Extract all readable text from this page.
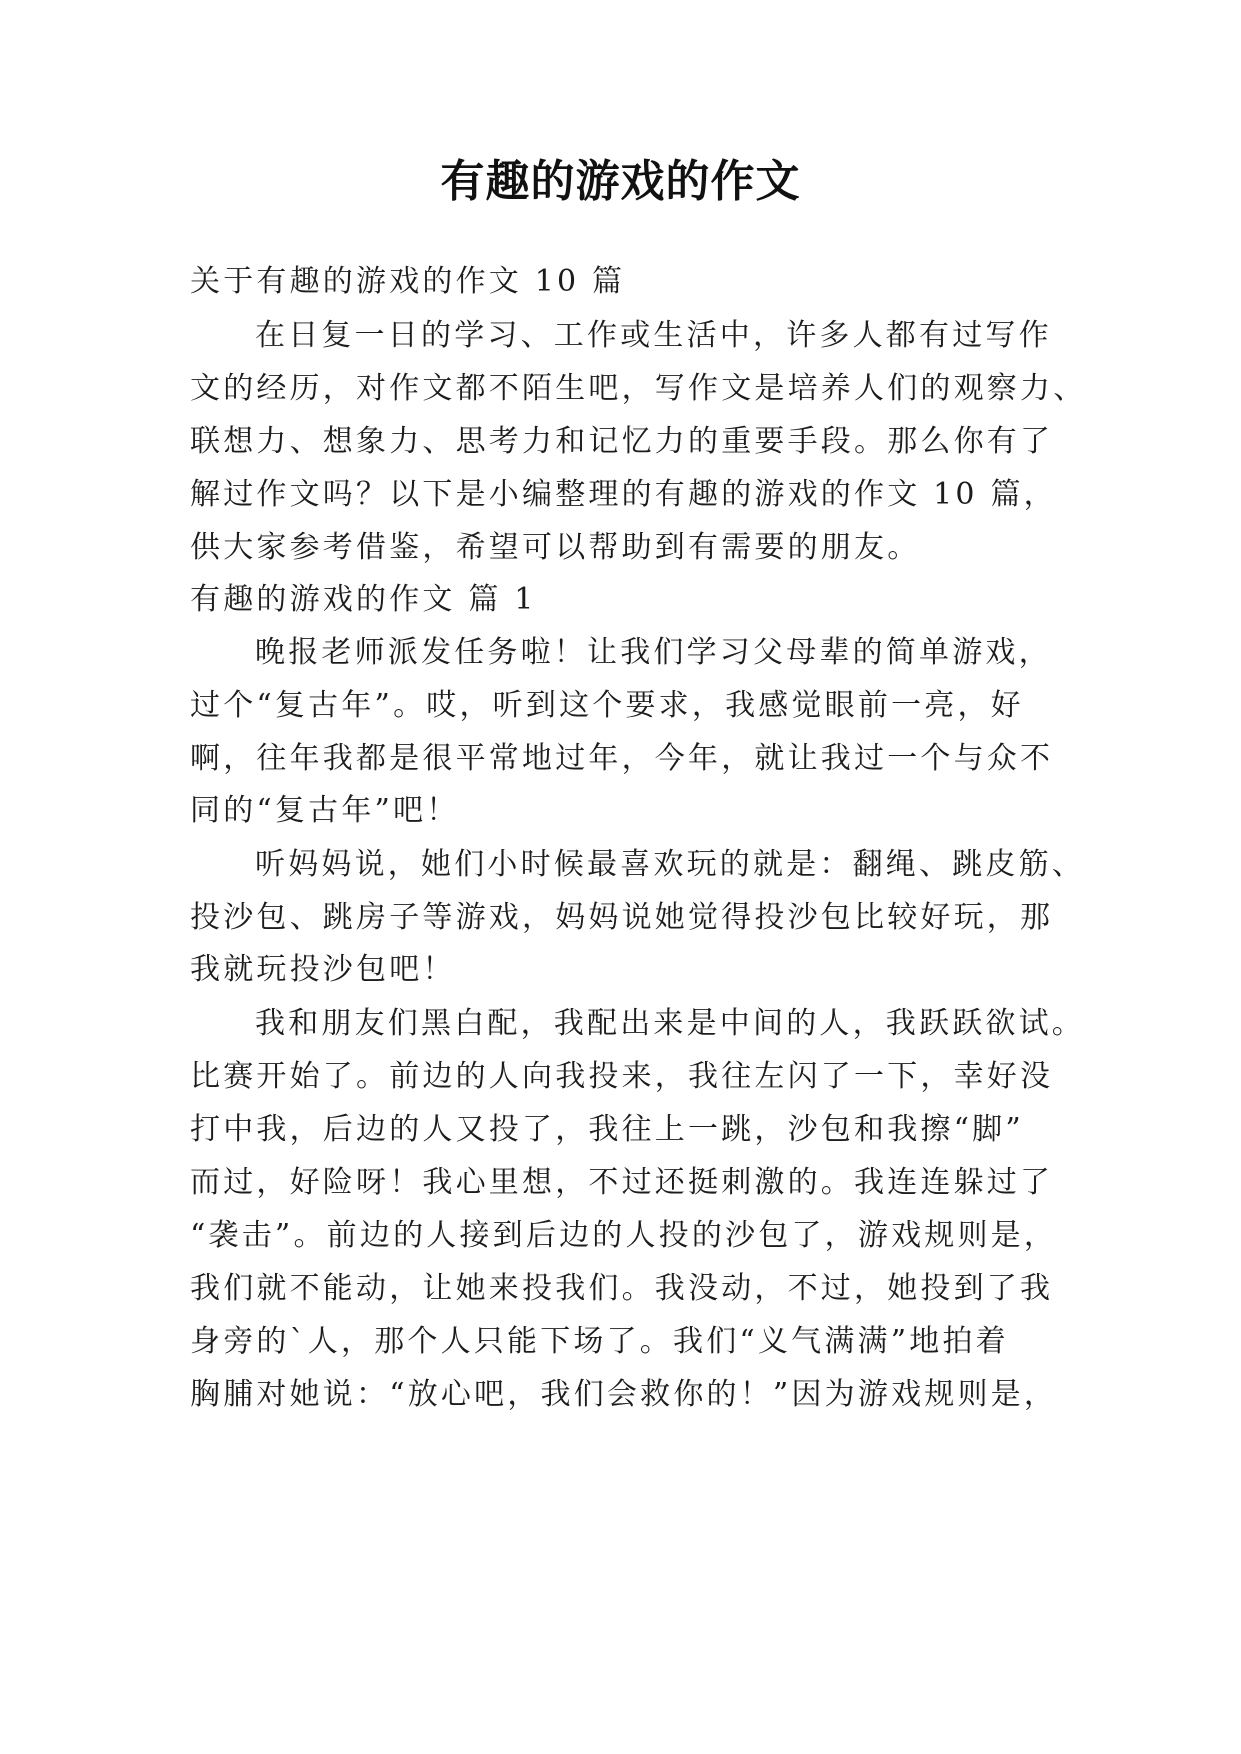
有趣的游戏的作文
关于有趣的游戏的作文 10 篇
在日复一日的学习、工作或生活中，许多人都有过写作
文的经历，对作文都不陌生吧，写作文是培养人们的观察力、
联想力、想象力、思考力和记忆力的重要手段。那么你有了
解过作文吗？以下是小编整理的有趣的游戏的作文 10 篇，
供大家参考借鉴，希望可以帮助到有需要的朋友。
有趣的游戏的作文 篇 1
晚报老师派发任务啦！让我们学习父母辈的简单游戏，
过个“复古年”。哎，听到这个要求，我感觉眼前一亮，好
啊，往年我都是很平常地过年，今年，就让我过一个与众不
同的“复古年”吧！
听妈妈说，她们小时候最喜欢玩的就是：翻绳、跳皮筋、
投沙包、跳房子等游戏，妈妈说她觉得投沙包比较好玩，那
我就玩投沙包吧！
我和朋友们黑白配，我配出来是中间的人，我跃跃欲试。
比赛开始了。前边的人向我投来，我往左闪了一下，幸好没
打中我，后边的人又投了，我往上一跳，沙包和我擦“脚”
而过，好险呀！我心里想，不过还挺刺激的。我连连躲过了
“袭击”。前边的人接到后边的人投的沙包了，游戏规则是，
我们就不能动，让她来投我们。我没动，不过，她投到了我
身旁的`人，那个人只能下场了。我们“义气满满”地拍着
胸脯对她说：“放心吧，我们会救你的！”因为游戏规则是，
